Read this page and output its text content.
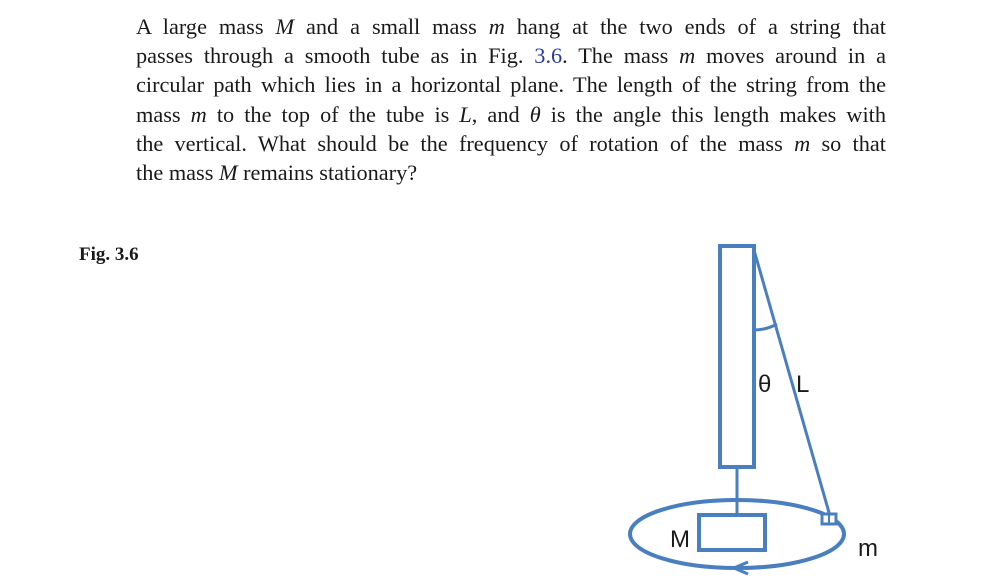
A large mass M and a small mass m hang at the two ends of a string that
passes through a smooth tube as in Fig. 3.6. The mass m moves around in a
circular path which lies in a horizontal plane. The length of the string from the
mass m to the top of the tube is L, and θ is the angle this length makes with
the vertical. What should be the frequency of rotation of the mass m so that
the mass M remains stationary?
Fig. 3.6
θ L
M	m
